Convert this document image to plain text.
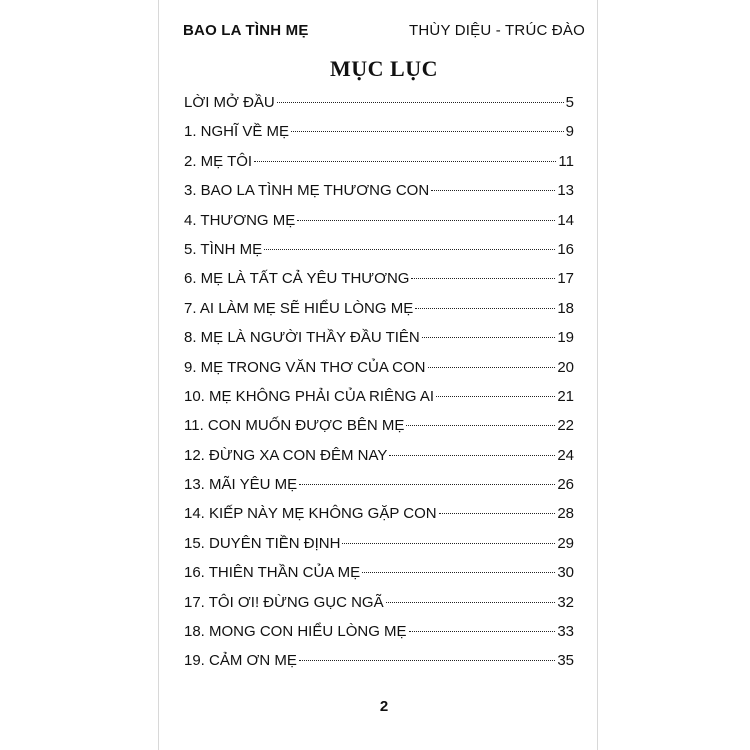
BAO LA TÌNH MẸ	THÙY DIỆU - TRÚC ĐÀO
MỤC LỤC
LỜI MỞ ĐẦU	5
1. NGHĨ VỀ MẸ	9
2. MẸ TÔI	11
3. BAO LA TÌNH MẸ THƯƠNG CON	13
4. THƯƠNG MẸ	14
5. TÌNH MẸ	16
6. MẸ LÀ TẤT CẢ YÊU THƯƠNG	17
7. AI LÀM MẸ SẼ HIỂU LÒNG MẸ	18
8. MẸ LÀ NGƯỜI THẦY ĐẦU TIÊN	19
9. MẸ TRONG VĂN THƠ CỦA CON	20
10. MẸ KHÔNG PHẢI CỦA RIÊNG AI	21
11. CON MUỐN ĐƯỢC BÊN MẸ	22
12. ĐỪNG XA CON ĐÊM NAY	24
13. MÃI YÊU MẸ	26
14. KIẾP NÀY MẸ KHÔNG GẶP CON	28
15. DUYÊN TIỀN ĐỊNH	29
16. THIÊN THẦN CỦA MẸ	30
17. TÔI ƠI! ĐỪNG GỤC NGÃ	32
18. MONG CON HIỂU LÒNG MẸ	33
19. CẢM ƠN MẸ	35
2
